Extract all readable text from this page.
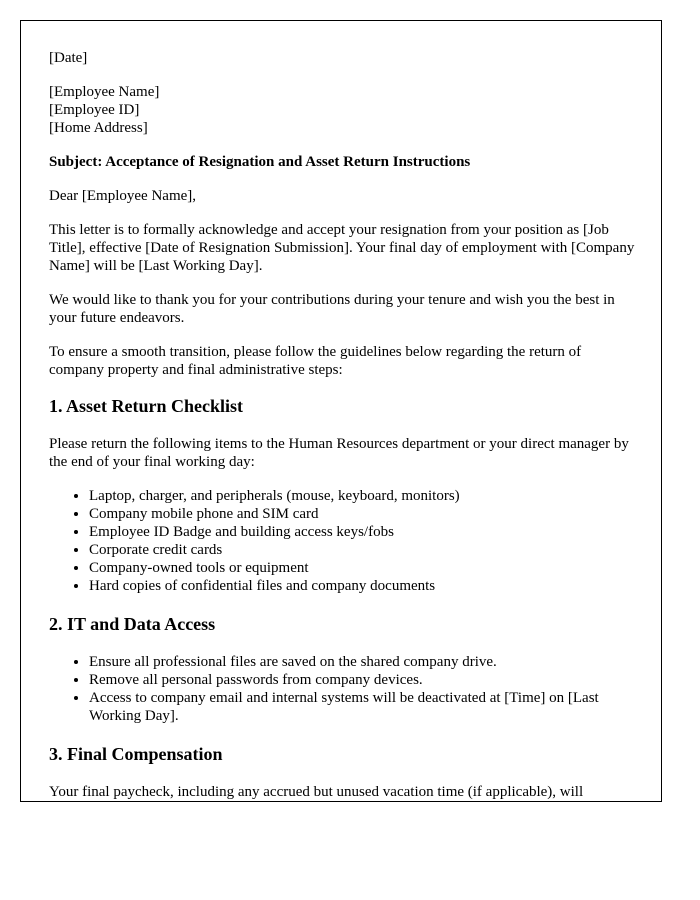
[Date]

[Employee Name]

[Employee ID]

[Home Address]

Subject: Acceptance of Resignation and Asset Return Instructions

Dear [Employee Name],

This letter is to formally acknowledge and accept your resignation from your position as [Job Title], effective [Date of Resignation Submission]. Your final day of employment with [Company Name] will be [Last Working Day].

We would like to thank you for your contributions during your tenure and wish you the best in your future endeavors.

To ensure a smooth transition, please follow the guidelines below regarding the return of company property and final administrative steps:

1. Asset Return Checklist

Please return the following items to the Human Resources department or your direct manager by the end of your final working day:

• Laptop, charger, and peripherals (mouse, keyboard, monitors)
• Company mobile phone and SIM card
• Employee ID Badge and building access keys/fobs
• Corporate credit cards
• Company-owned tools or equipment
• Hard copies of confidential files and company documents
2. IT and Data Access
• Ensure all professional files are saved on the shared company drive.
• Remove all personal passwords from company devices.
• Access to company email and internal systems will be deactivated at [Time] on [Last Working Day].
3. Final Compensation

Your final paycheck, including any accrued but unused vacation time (if applicable), will
